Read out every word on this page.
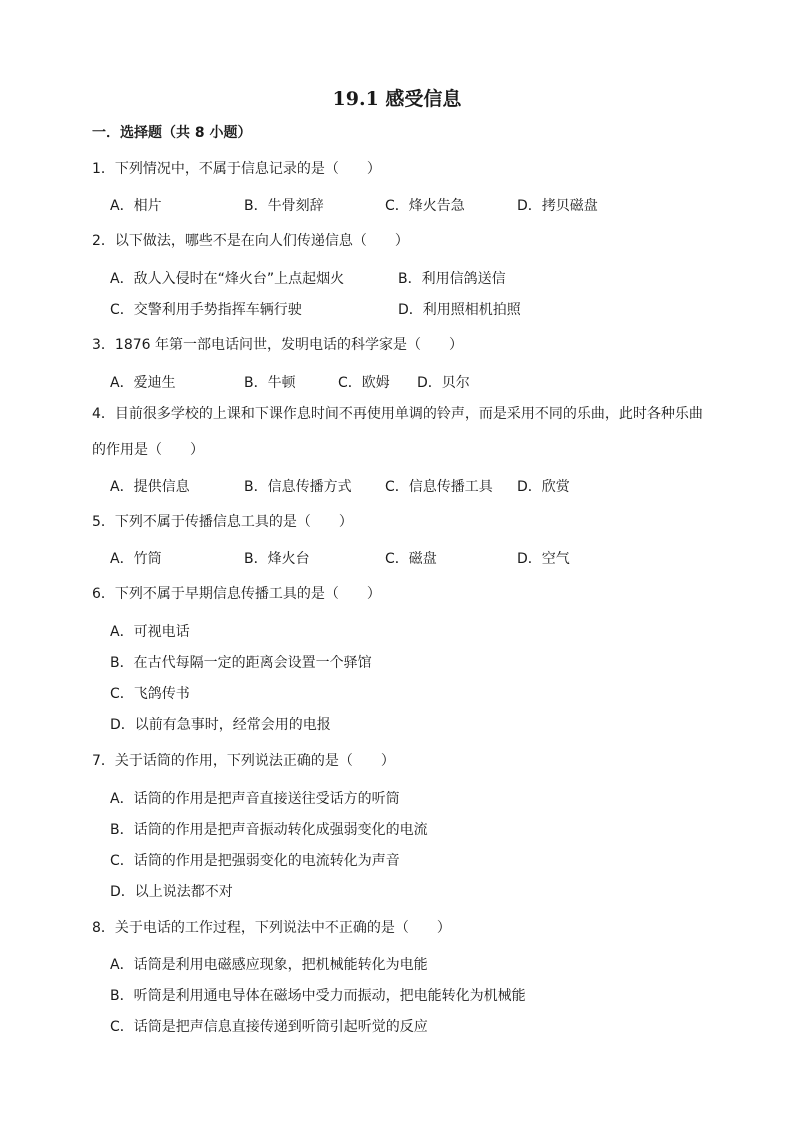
19.1 感受信息
一．选择题（共 8 小题）
1．下列情况中，不属于信息记录的是（　　）
A．相片	B．牛骨刻辞	C．烽火告急	D．拷贝磁盘
2．以下做法，哪些不是在向人们传递信息（　　）
A．敌人入侵时在“烽火台”上点起烟火	B．利用信鸽送信
C．交警利用手势指挥车辆行驶	D．利用照相机拍照
3．1876 年第一部电话问世，发明电话的科学家是（　　）
A．爱迪生	B．牛顿	C．欧姆 D．贝尔
4．目前很多学校的上课和下课作息时间不再使用单调的铃声，而是采用不同的乐曲，此时各种乐曲
的作用是（　　）
A．提供信息	B．信息传播方式 C．信息传播工具 D．欣赏
5．下列不属于传播信息工具的是（　　）
A．竹筒	B．烽火台	C．磁盘	D．空气
6．下列不属于早期信息传播工具的是（　　）
A．可视电话
B．在古代每隔一定的距离会设置一个驿馆
C．飞鸽传书
D．以前有急事时，经常会用的电报
7．关于话筒的作用，下列说法正确的是（　　）
A．话筒的作用是把声音直接送往受话方的听筒
B．话筒的作用是把声音振动转化成强弱变化的电流
C．话筒的作用是把强弱变化的电流转化为声音
D．以上说法都不对
8．关于电话的工作过程，下列说法中不正确的是（　　）
A．话筒是利用电磁感应现象，把机械能转化为电能
B．听筒是利用通电导体在磁场中受力而振动，把电能转化为机械能
C．话筒是把声信息直接传递到听筒引起听觉的反应
